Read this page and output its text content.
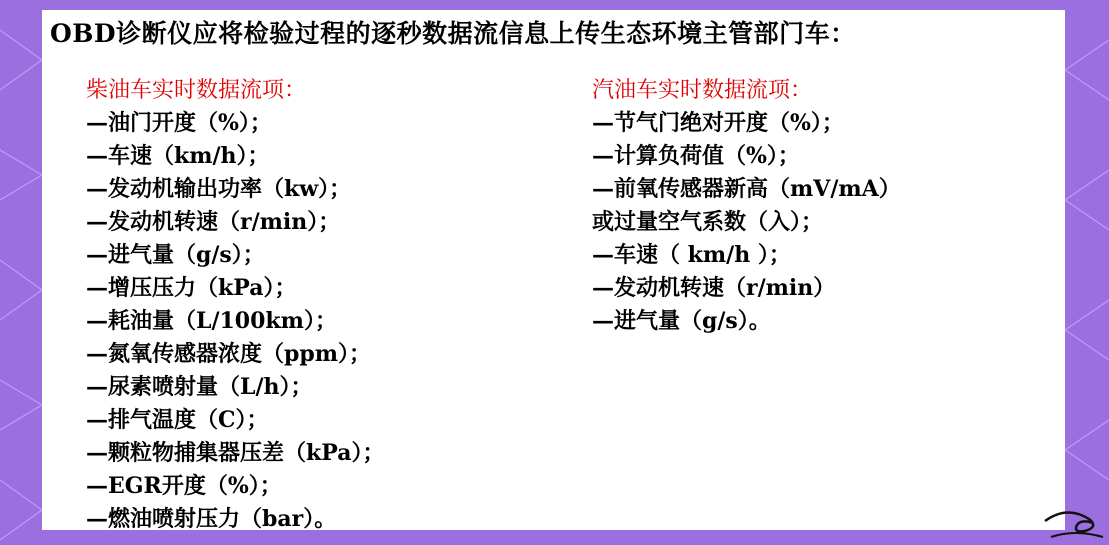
OBD诊断仪应将检验过程的逐秒数据流信息上传生态环境主管部门车：
柴油车实时数据流项：
—油门开度（%）；
—车速（km/h）；
—发动机输出功率（kw）；
—发动机转速（r/min）；
—进气量（g/s）；
—增压压力（kPa）；
—耗油量（L/100km）；
—氮氧传感器浓度（ppm）；
—尿素喷射量（L/h）；
—排气温度（C）；
—颗粒物捕集器压差（kPa）；
—EGR开度（%）；
—燃油喷射压力（bar）。
汽油车实时数据流项：
—节气门绝对开度（%）；
—计算负荷值（%）；
—前氧传感器新高（mV/mA）
或过量空气系数（入）；
—车速（ km/h ）；
—发动机转速（r/min）
—进气量（g/s）。
